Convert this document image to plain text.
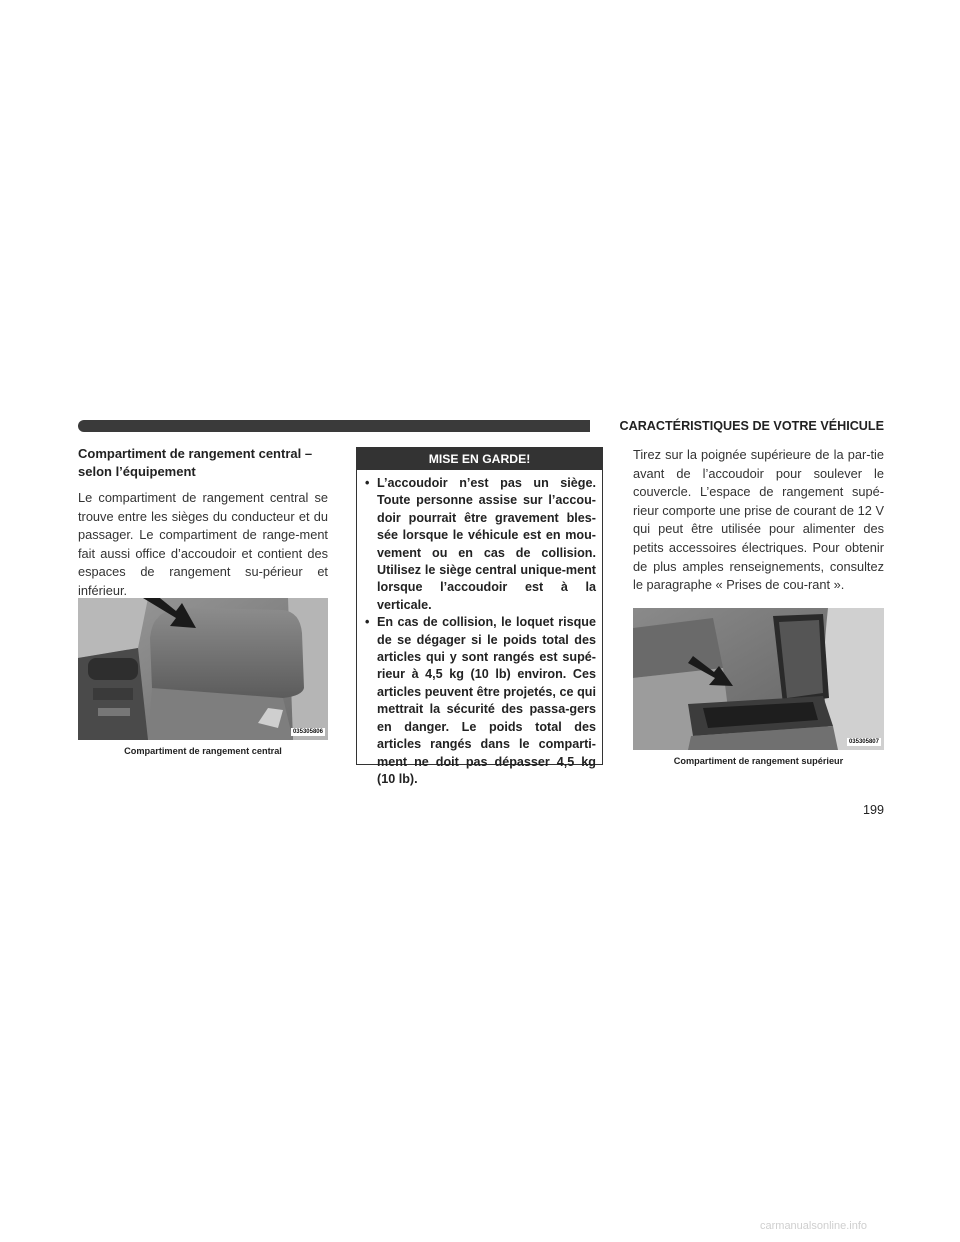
CARACTÉRISTIQUES DE VOTRE VÉHICULE

Compartiment de rangement central –
selon l’équipement

Le compartiment de rangement central se trouve entre les sièges du conducteur et du passager. Le compartiment de range-ment fait aussi office d’accoudoir et contient des espaces de rangement su-périeur et inférieur.

035305806
Compartiment de rangement central
MISE EN GARDE!
• L’accoudoir n’est pas un siège. Toute personne assise sur l’accou-doir pourrait être gravement bles-sée lorsque le véhicule est en mou-vement ou en cas de collision. Utilisez le siège central unique-ment lorsque l’accoudoir est à la verticale.
• En cas de collision, le loquet risque de se dégager si le poids total des articles qui y sont rangés est supé-rieur à 4,5 kg (10 lb) environ. Ces articles peuvent être projetés, ce qui mettrait la sécurité des passa-gers en danger. Le poids total des articles rangés dans le comparti-ment ne doit pas dépasser 4,5 kg (10 lb).

Tirez sur la poignée supérieure de la par-tie avant de l’accoudoir pour soulever le couvercle. L’espace de rangement supé-rieur comporte une prise de courant de 12 V qui peut être utilisée pour alimenter des petits accessoires électriques. Pour obtenir de plus amples renseignements, consultez le paragraphe « Prises de cou-rant ».

035305807
Compartiment de rangement supérieur
199
carmanualsonline.info
